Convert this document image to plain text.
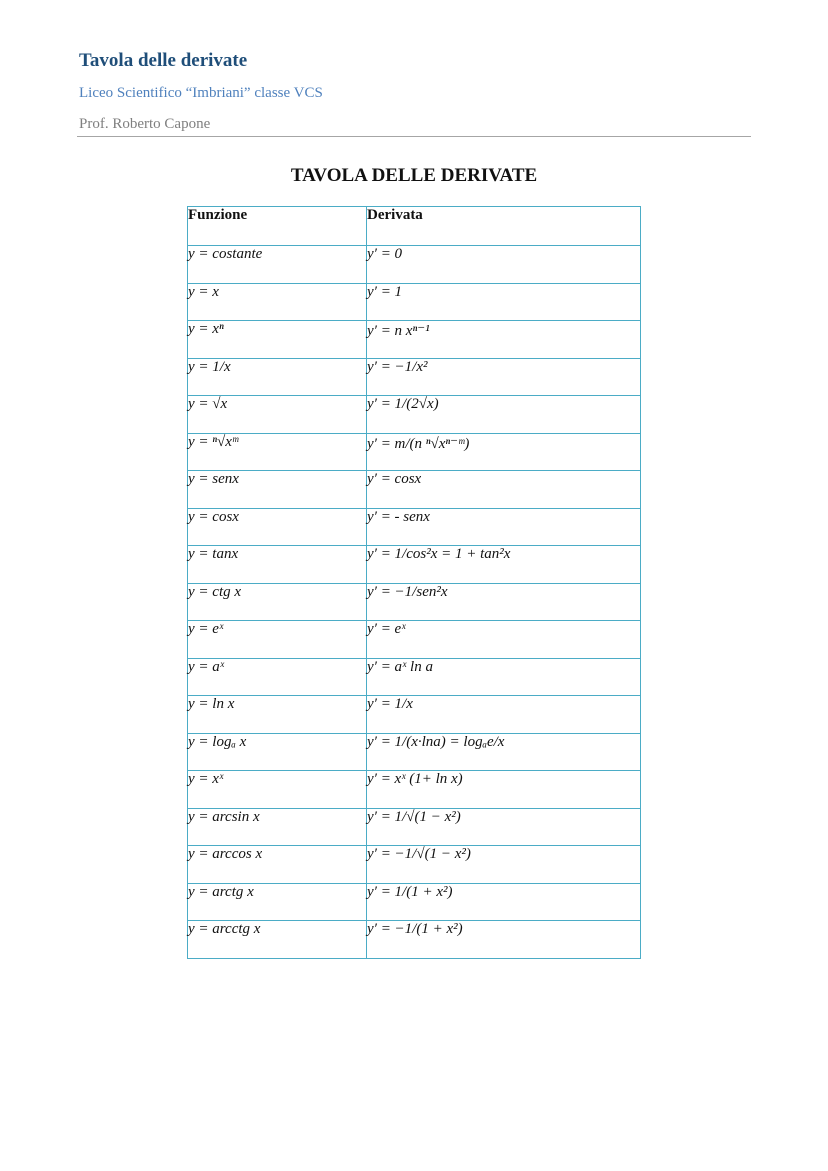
Tavola delle derivate
Liceo Scientifico “Imbriani” classe VCS
Prof. Roberto Capone
TAVOLA DELLE DERIVATE
Funzione	Derivata
y = costante	y′ = 0
y = x	y′ = 1
y = xⁿ	y′ = n xⁿ⁻¹
y = 1/x	y′ = −1/x²
y = √x	y′ = 1/(2√x)
y = ⁿ√xᵐ	y′ = m/(n ⁿ√xⁿ⁻ᵐ)
y = senx	y′ = cosx
y = cosx	y′ = - senx
y = tanx	y′ = 1/cos²x = 1 + tan²x
y = ctg x	y′ = −1/sen²x
y = eˣ	y′ = eˣ
y = aˣ	y′ = aˣ ln a
y = ln x	y′ = 1/x
y = logₐ x	y′ = 1/(x·lna) = logₐe/x
y = xˣ	y′ = xˣ (1+ ln x)
y = arcsin x	y′ = 1/√(1 − x²)
y = arccos x	y′ = −1/√(1 − x²)
y = arctg x	y′ = 1/(1 + x²)
y = arcctg x	y′ = −1/(1 + x²)
